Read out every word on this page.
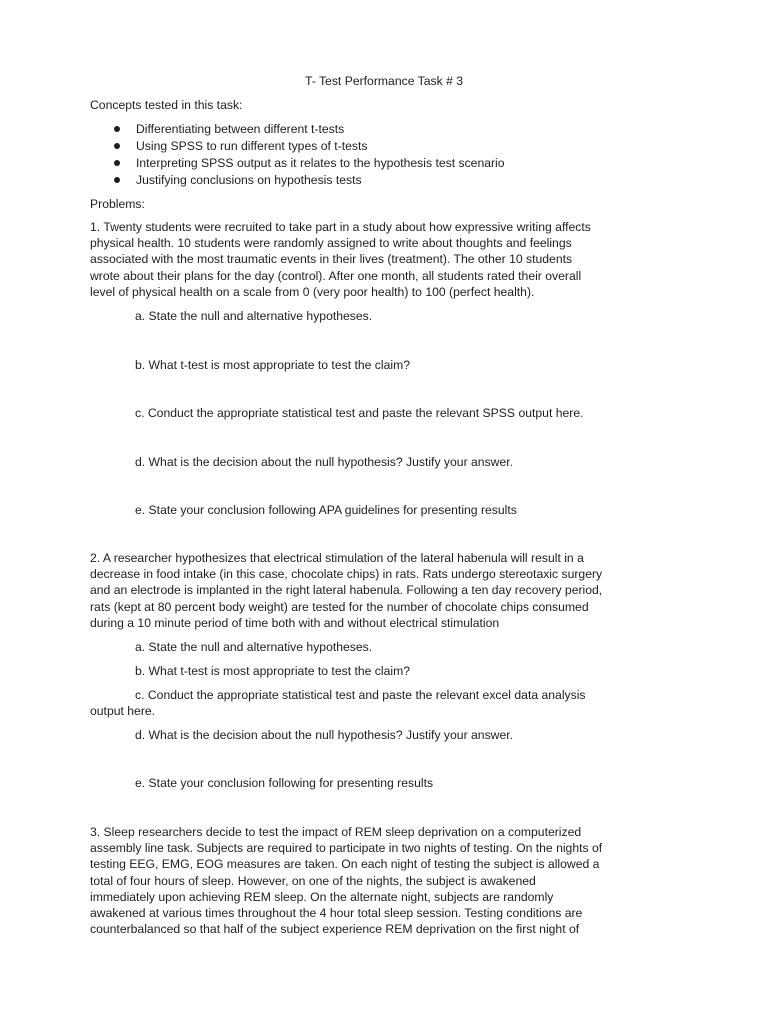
T- Test Performance Task # 3
Concepts tested in this task:
Differentiating between different t-tests
Using SPSS to run different types of t-tests
Interpreting SPSS output as it relates to the hypothesis test scenario
Justifying conclusions on hypothesis tests
Problems:
1. Twenty students were recruited to take part in a study about how expressive writing affects
physical health. 10 students were randomly assigned to write about thoughts and feelings
associated with the most traumatic events in their lives (treatment). The other 10 students
wrote about their plans for the day (control). After one month, all students rated their overall
level of physical health on a scale from 0 (very poor health) to 100 (perfect health).
a. State the null and alternative hypotheses.
b. What t-test is most appropriate to test the claim?
c. Conduct the appropriate statistical test and paste the relevant SPSS output here.
d. What is the decision about the null hypothesis? Justify your answer.
e. State your conclusion following APA guidelines for presenting results
2. A researcher hypothesizes that electrical stimulation of the lateral habenula will result in a
decrease in food intake (in this case, chocolate chips) in rats. Rats undergo stereotaxic surgery
and an electrode is implanted in the right lateral habenula. Following a ten day recovery period,
rats (kept at 80 percent body weight) are tested for the number of chocolate chips consumed
during a 10 minute period of time both with and without electrical stimulation
a. State the null and alternative hypotheses.
b. What t-test is most appropriate to test the claim?
c. Conduct the appropriate statistical test and paste the relevant excel data analysis
output here.
d. What is the decision about the null hypothesis? Justify your answer.
e. State your conclusion following for presenting results
3. Sleep researchers decide to test the impact of REM sleep deprivation on a computerized
assembly line task. Subjects are required to participate in two nights of testing. On the nights of
testing EEG, EMG, EOG measures are taken. On each night of testing the subject is allowed a
total of four hours of sleep. However, on one of the nights, the subject is awakened
immediately upon achieving REM sleep. On the alternate night, subjects are randomly
awakened at various times throughout the 4 hour total sleep session. Testing conditions are
counterbalanced so that half of the subject experience REM deprivation on the first night of
